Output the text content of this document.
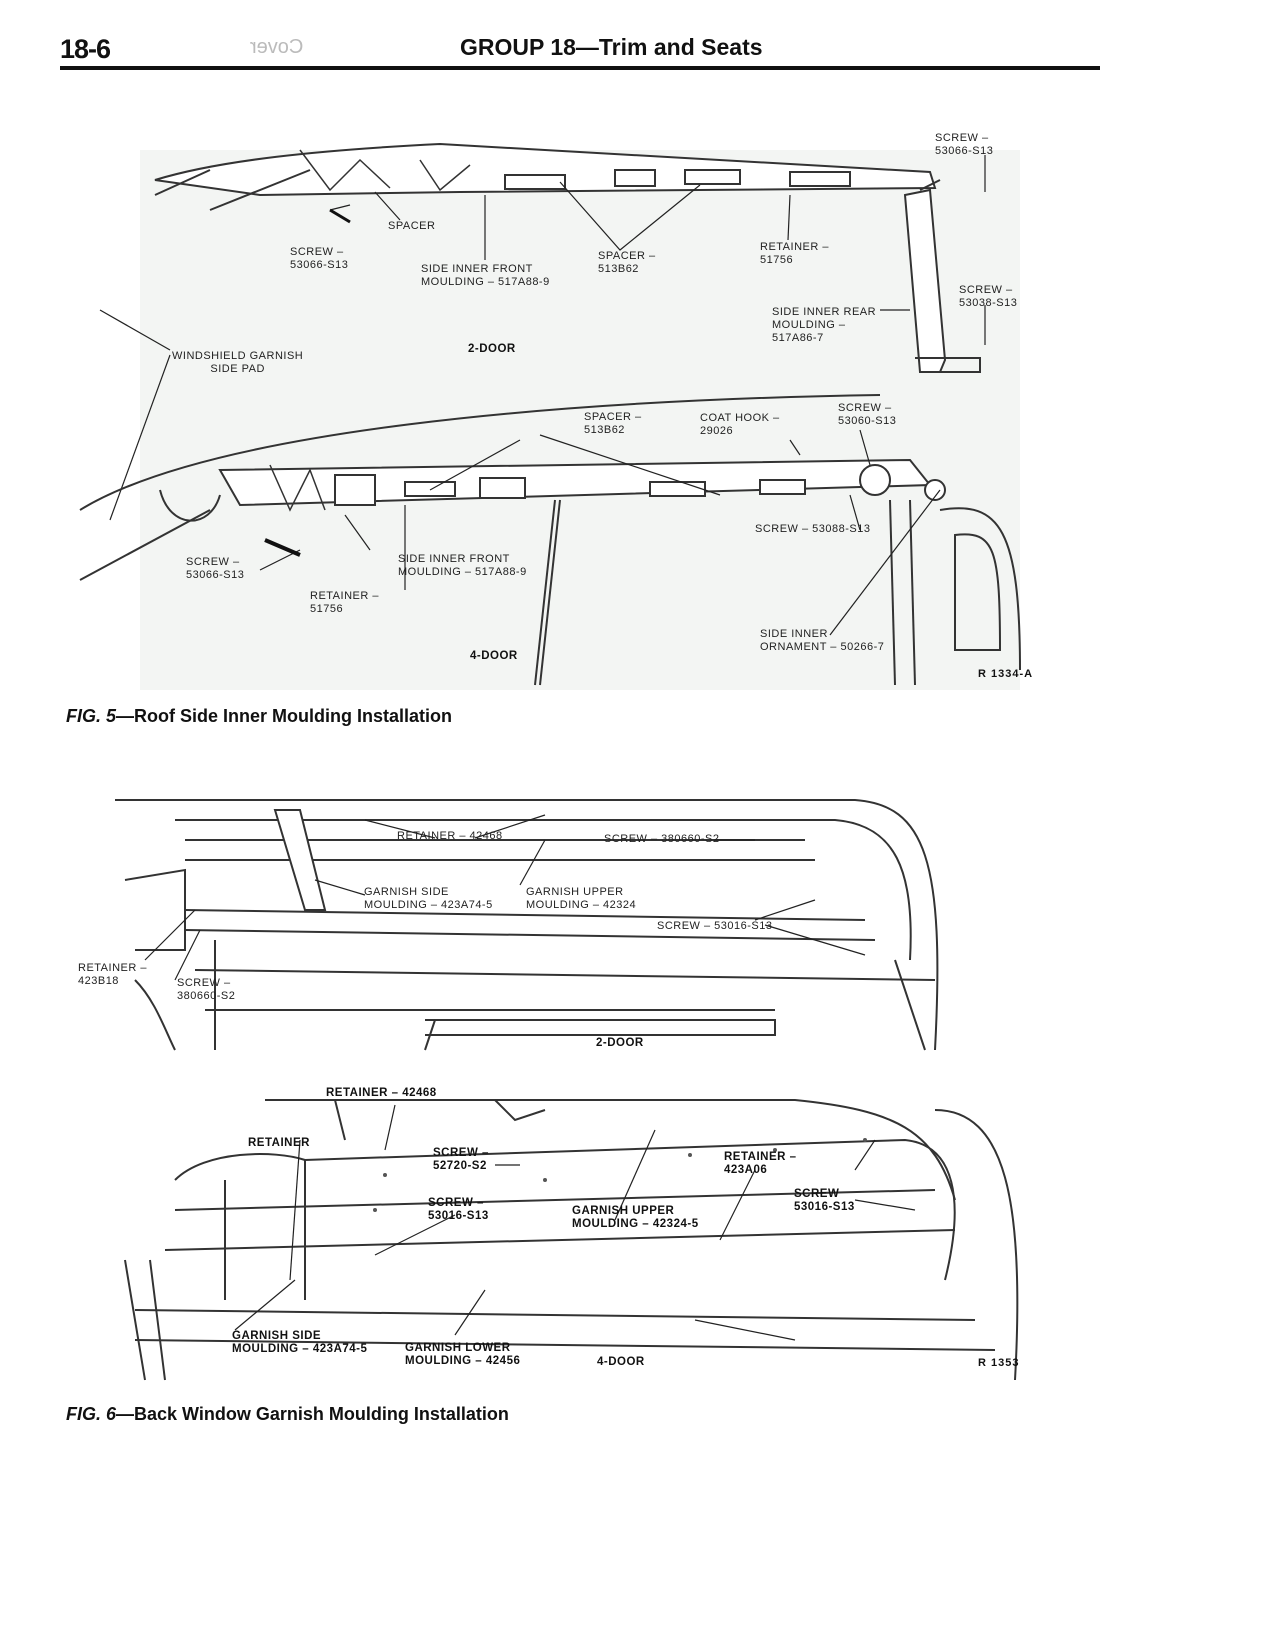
18-6	Cover	GROUP 18—Trim and Seats
SCREW –
53066-S13
SPACER
SCREW –
53066-S13	SIDE INNER FRONT
MOULDING – 517A88-9
SPACER –
513B62
RETAINER –
51756
SCREW –
53038-S13
SIDE INNER REAR
MOULDING –
517A86-7
WINDSHIELD GARNISH
SIDE PAD
2-DOOR
SPACER –
513B62
COAT HOOK –
29026
SCREW –
53060-S13
SCREW – 53088-S13
SCREW –
53066-S13
SIDE INNER FRONT
MOULDING – 517A88-9
RETAINER –
51756
SIDE INNER
ORNAMENT – 50266-7
4-DOOR
R 1334-A
FIG. 5—Roof Side Inner Moulding Installation
RETAINER – 42468	SCREW – 380660-S2
GARNISH SIDE
MOULDING – 423A74-5
GARNISH UPPER
MOULDING – 42324
SCREW – 53016-S13
RETAINER –
423B18	SCREW –
380660-S2
2-DOOR
RETAINER – 42468
RETAINER
SCREW –
52720-S2
SCREW –
53016-S13	GARNISH UPPER
MOULDING – 42324-5
RETAINER –
423A06
SCREW
53016-S13
GARNISH SIDE
MOULDING – 423A74-5	GARNISH LOWER
MOULDING – 42456	4-DOOR	R 1353
FIG. 6—Back Window Garnish Moulding Installation
